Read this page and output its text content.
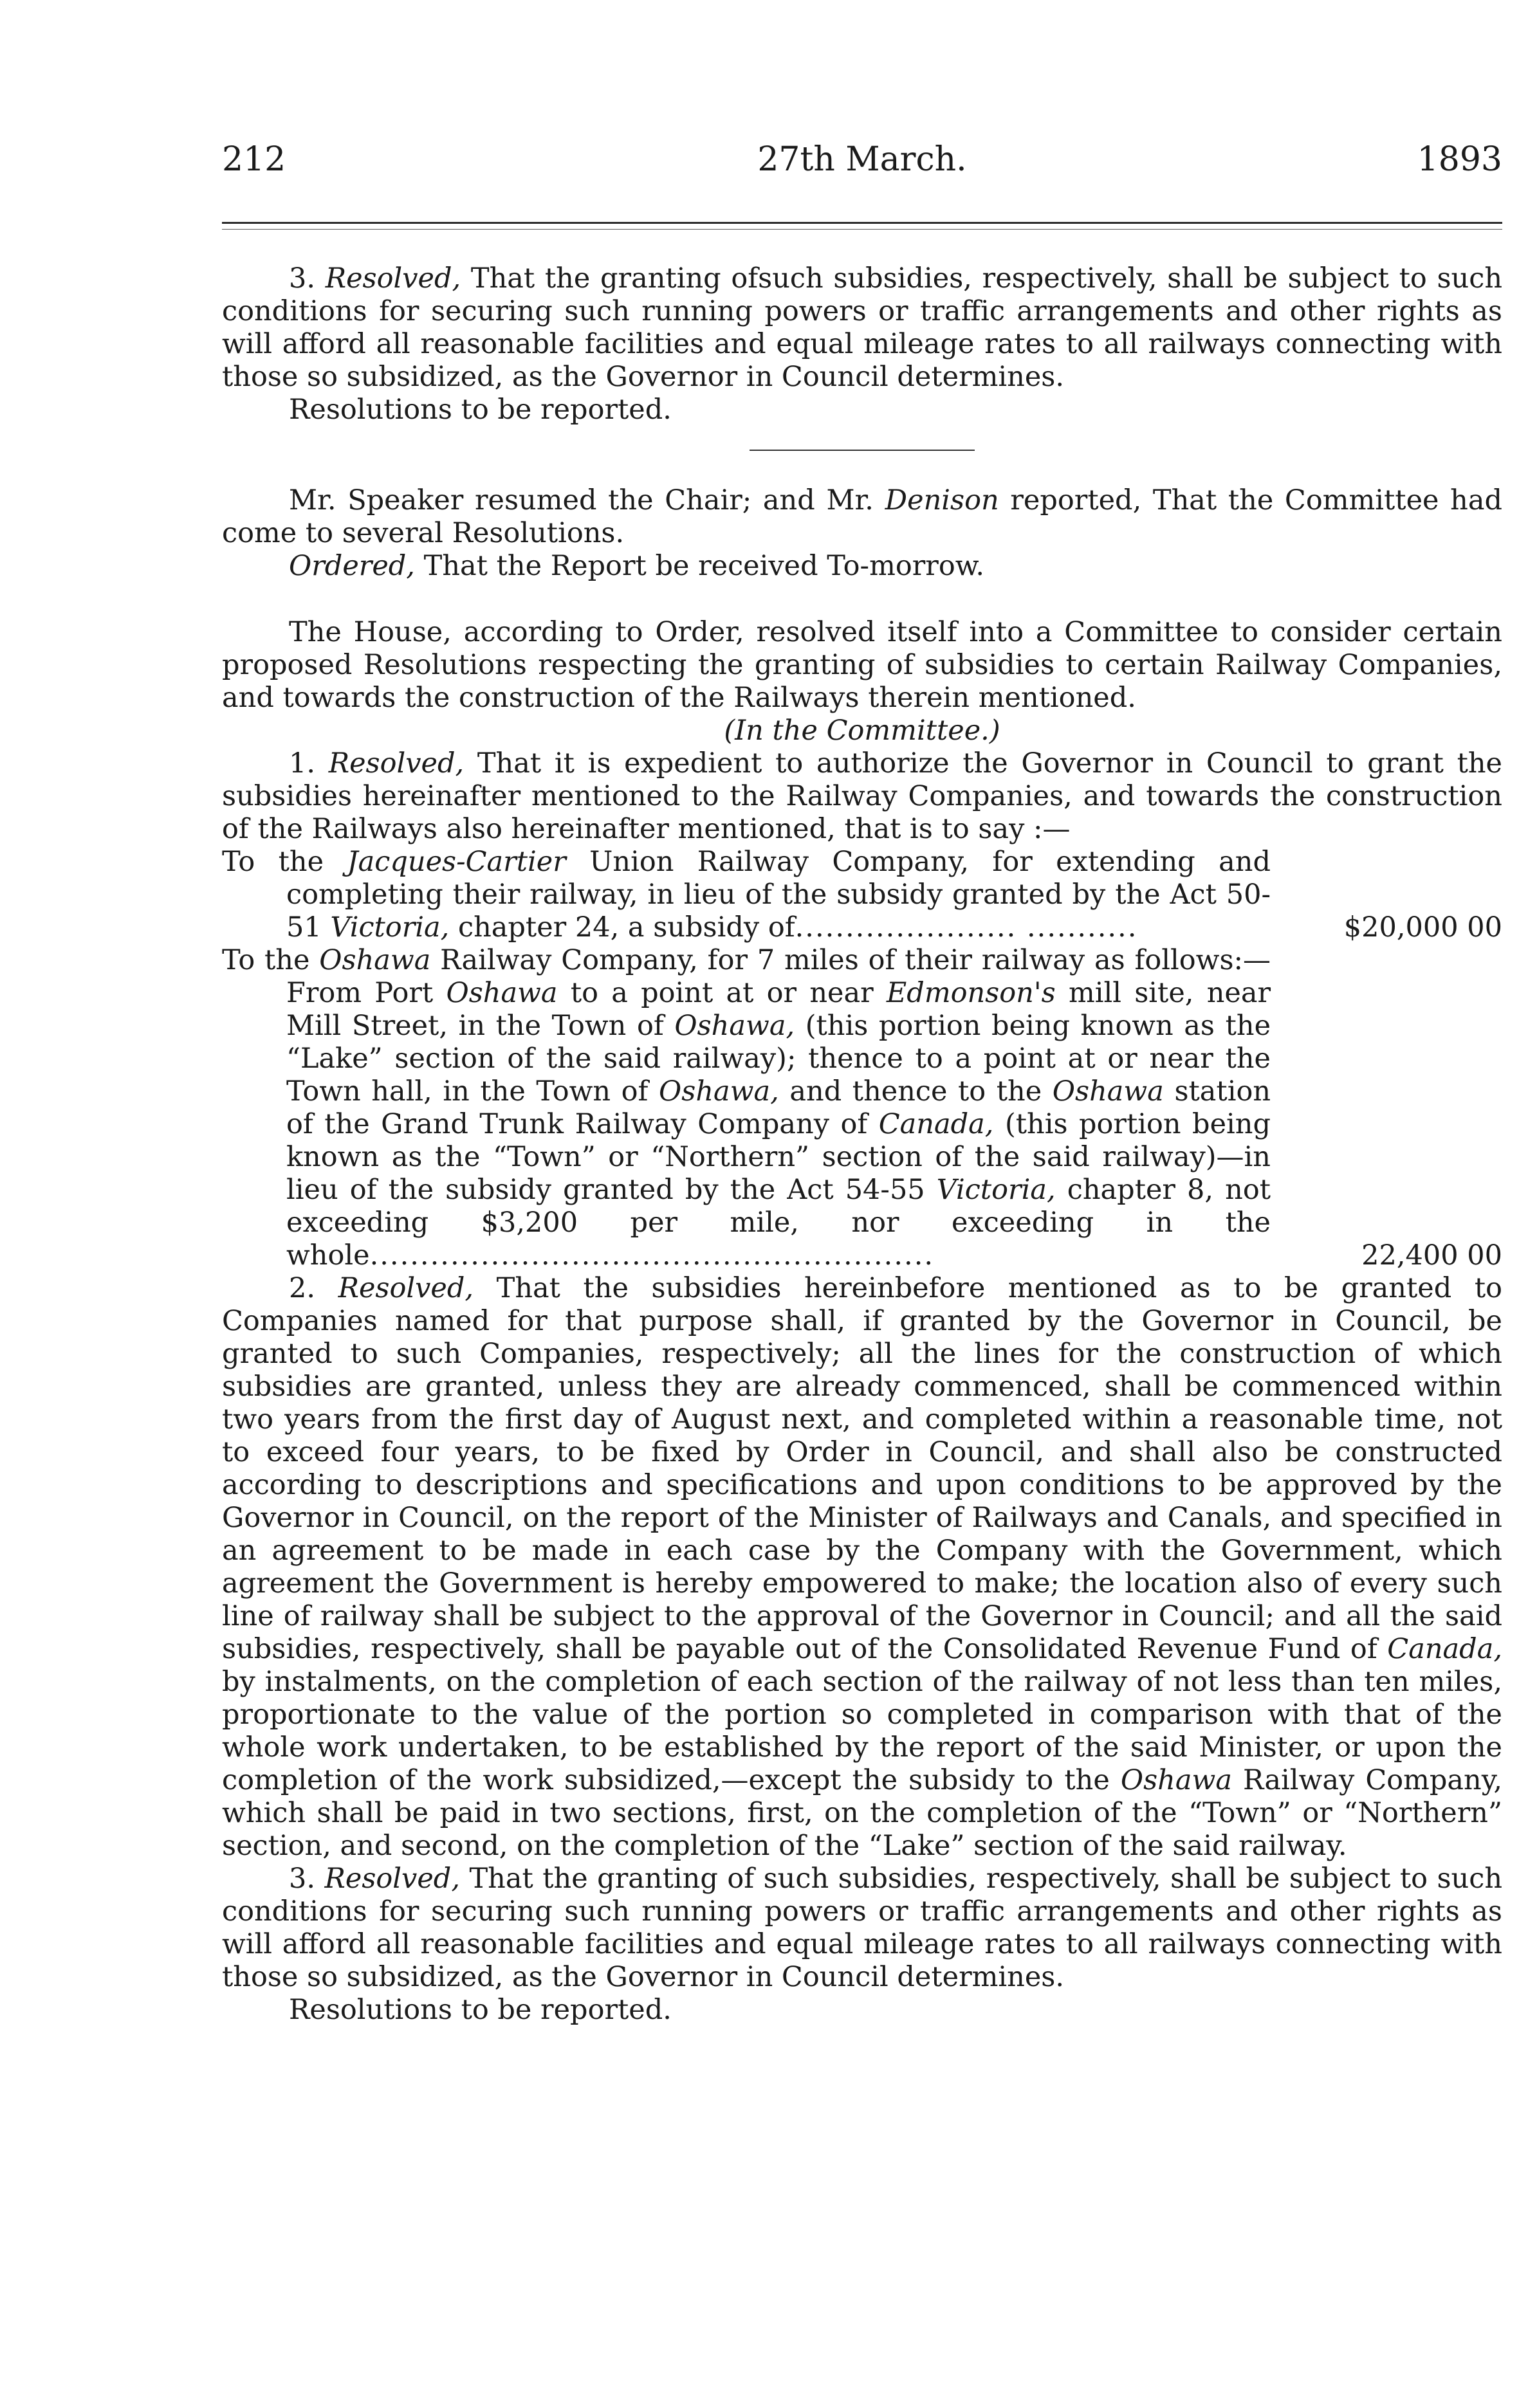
212	27th March.	1893

3. Resolved, That the granting ofsuch subsidies, respectively, shall be subject to such conditions for securing such running powers or traffic arrangements and other rights as will afford all reasonable facilities and equal mileage rates to all railways connecting with those so subsidized, as the Governor in Council determines.

Resolutions to be reported.

Mr. Speaker resumed the Chair; and Mr. Denison reported, That the Committee had come to several Resolutions.

Ordered, That the Report be received To-morrow.

The House, according to Order, resolved itself into a Committee to consider certain proposed Resolutions respecting the granting of subsidies to certain Railway Companies, and towards the construction of the Railways therein mentioned.

(In the Committee.)

1. Resolved, That it is expedient to authorize the Governor in Council to grant the subsidies hereinafter mentioned to the Railway Companies, and towards the construction of the Railways also hereinafter mentioned, that is to say :—

To the Jacques-Cartier Union Railway Company, for extending and completing their railway, in lieu of the subsidy granted by the Act 50-51 Victoria, chapter 24, a subsidy of...................... ...........	$20,000 00

To the Oshawa Railway Company, for 7 miles of their railway as follows:—From Port Oshawa to a point at or near Edmonson's mill site, near Mill Street, in the Town of Oshawa, (this portion being known as the “Lake” section of the said railway); thence to a point at or near the Town hall, in the Town of Oshawa, and thence to the Oshawa station of the Grand Trunk Railway Company of Canada, (this portion being known as the “Town” or “Northern” section of the said railway)—in lieu of the subsidy granted by the Act 54-55 Victoria, chapter 8, not exceeding $3,200 per mile, nor exceeding in the whole........................................................	22,400 00

2. Resolved, That the subsidies hereinbefore mentioned as to be granted to Companies named for that purpose shall, if granted by the Governor in Council, be granted to such Companies, respectively; all the lines for the construction of which subsidies are granted, unless they are already commenced, shall be commenced within two years from the first day of August next, and completed within a reasonable time, not to exceed four years, to be fixed by Order in Council, and shall also be constructed according to descriptions and specifications and upon conditions to be approved by the Governor in Council, on the report of the Minister of Railways and Canals, and specified in an agreement to be made in each case by the Company with the Government, which agreement the Government is hereby empowered to make; the location also of every such line of railway shall be subject to the approval of the Governor in Council; and all the said subsidies, respectively, shall be payable out of the Consolidated Revenue Fund of Canada, by instalments, on the completion of each section of the railway of not less than ten miles, proportionate to the value of the portion so completed in comparison with that of the whole work undertaken, to be established by the report of the said Minister, or upon the completion of the work subsidized,—except the subsidy to the Oshawa Railway Company, which shall be paid in two sections, first, on the completion of the “Town” or “Northern” section, and second, on the completion of the “Lake” section of the said railway.

3. Resolved, That the granting of such subsidies, respectively, shall be subject to such conditions for securing such running powers or traffic arrangements and other rights as will afford all reasonable facilities and equal mileage rates to all railways connecting with those so subsidized, as the Governor in Council determines.

Resolutions to be reported.
